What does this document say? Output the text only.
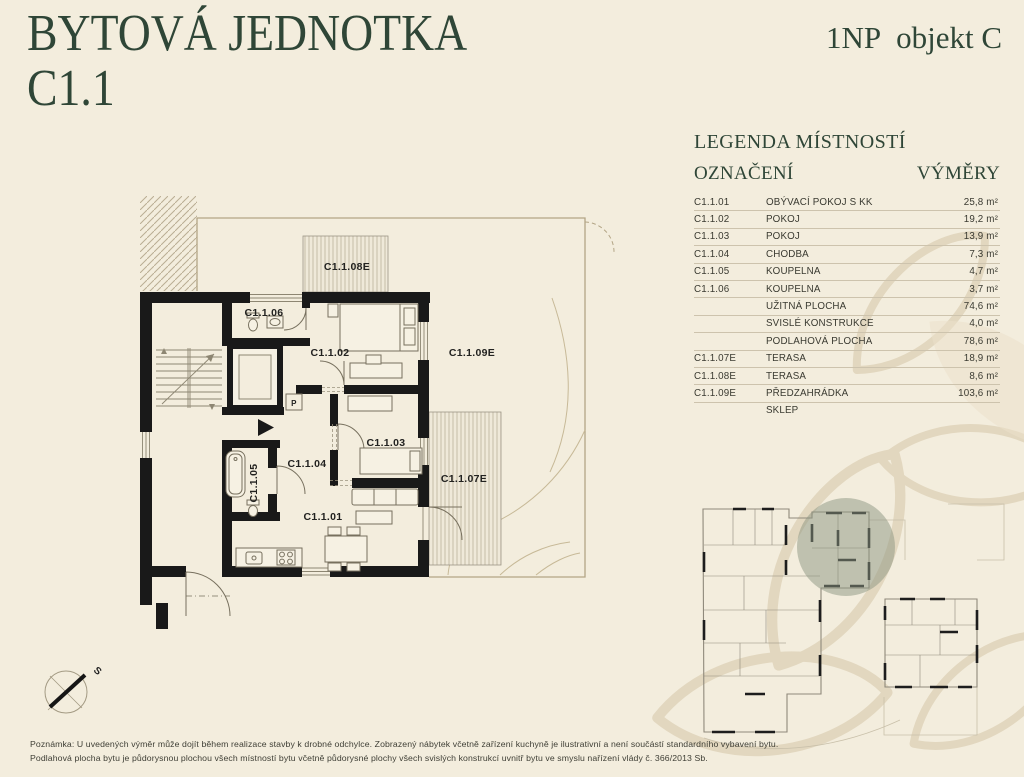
C1.1.08E
C1.1.06
C1.1.02	C1.1.09E
C1.1.03
C1.1.04
C1.1.05	C1.1.07E
C1.1.01
P
S
BYTOVÁ JEDNOTKA
C1.1
1NP objekt C
LEGENDA MÍSTNOSTÍ
OZNAČENÍ	VÝMĚRY
C1.1.01	OBÝVACÍ POKOJ S KK	25,8 m²
C1.1.02	POKOJ	19,2 m²
C1.1.03	POKOJ	13,9 m²
C1.1.04	CHODBA	7,3 m²
C1.1.05	KOUPELNA	4,7 m²
C1.1.06	KOUPELNA	3,7 m²
UŽITNÁ PLOCHA	74,6 m²
SVISLÉ KONSTRUKCE	4,0 m²
PODLAHOVÁ PLOCHA	78,6 m²
C1.1.07E	TERASA	18,9 m²
C1.1.08E	TERASA	8,6 m²
C1.1.09E	PŘEDZAHRÁDKA	103,6 m²
SKLEP
Poznámka: U uvedených výměr může dojít během realizace stavby k drobné odchylce. Zobrazený nábytek včetně zařízení kuchyně je ilustrativní a není součástí standardního vybavení bytu.
Podlahová plocha bytu je půdorysnou plochou všech místností bytu včetně půdorysné plochy všech svislých konstrukcí uvnitř bytu ve smyslu nařízení vlády č. 366/2013 Sb.
